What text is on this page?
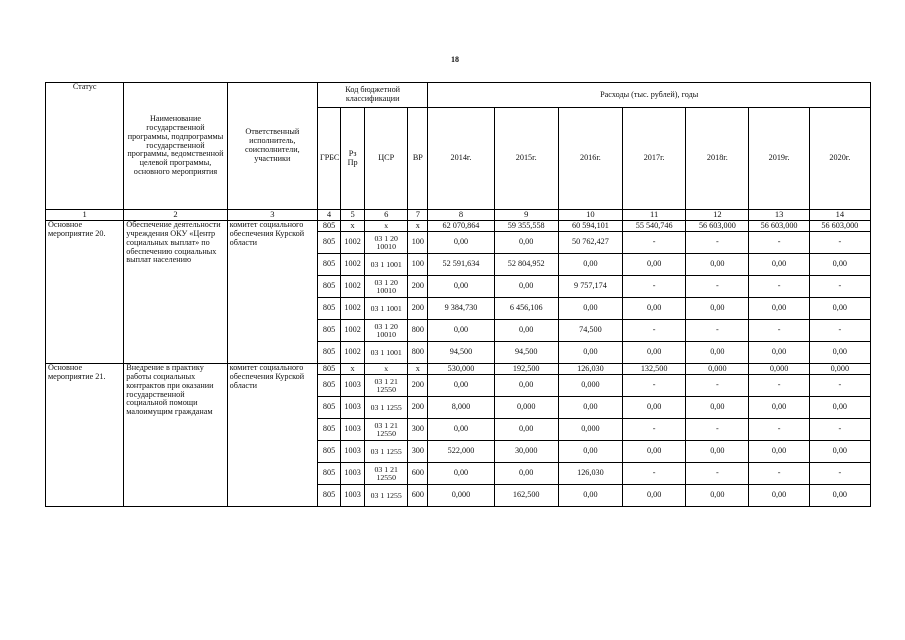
18
Статус	Наименование государственной программы, подпрограммы государственной программы, ведомственной целевой программы, основного мероприятия	Ответственный исполнитель, соисполнители, участники	Код бюджетной классификации				Расходы (тыс. рублей), годы						
			ГРБС	Рз Пр	ЦСР	ВР	2014г.	2015г.	2016г.	2017г.	2018г.	2019г.	2020г.
1	2	3	4	5	6	7	8	9	10	11	12	13	14
Основное мероприятие 20.	Обеспечение деятельности учреждения ОКУ «Центр социальных выплат» по обеспечению социальных выплат населению	комитет социального обеспечения Курской области	805	х	х	х	62 070,864	59 355,558	60 594,101	55 540,746	56 603,000	56 603,000	56 603,000
			805	1002	03 1 20 10010	100	0,00	0,00	50 762,427	-	-	-	-
			805	1002	03 1 1001	100	52 591,634	52 804,952	0,00	0,00	0,00	0,00	0,00
			805	1002	03 1 20 10010	200	0,00	0,00	9 757,174	-	-	-	-
			805	1002	03 1 1001	200	9 384,730	6 456,106	0,00	0,00	0,00	0,00	0,00
			805	1002	03 1 20 10010	800	0,00	0,00	74,500	-	-	-	-
			805	1002	03 1 1001	800	94,500	94,500	0,00	0,00	0,00	0,00	0,00
Основное мероприятие 21.	Внедрение в практику работы социальных контрактов при оказании государственной социальной помощи малоимущим гражданам	комитет социального обеспечения Курской области	805	х	х	х	530,000	192,500	126,030	132,500	0,000	0,000	0,000
			805	1003	03 1 21 12550	200	0,00	0,00	0,000	-	-	-	-
			805	1003	03 1 1255	200	8,000	0,000	0,00	0,00	0,00	0,00	0,00
			805	1003	03 1 21 12550	300	0,00	0,00	0,000	-	-	-	-
			805	1003	03 1 1255	300	522,000	30,000	0,00	0,00	0,00	0,00	0,00
			805	1003	03 1 21 12550	600	0,00	0,00	126,030	-	-	-	-
			805	1003	03 1 1255	600	0,000	162,500	0,00	0,00	0,00	0,00	0,00
